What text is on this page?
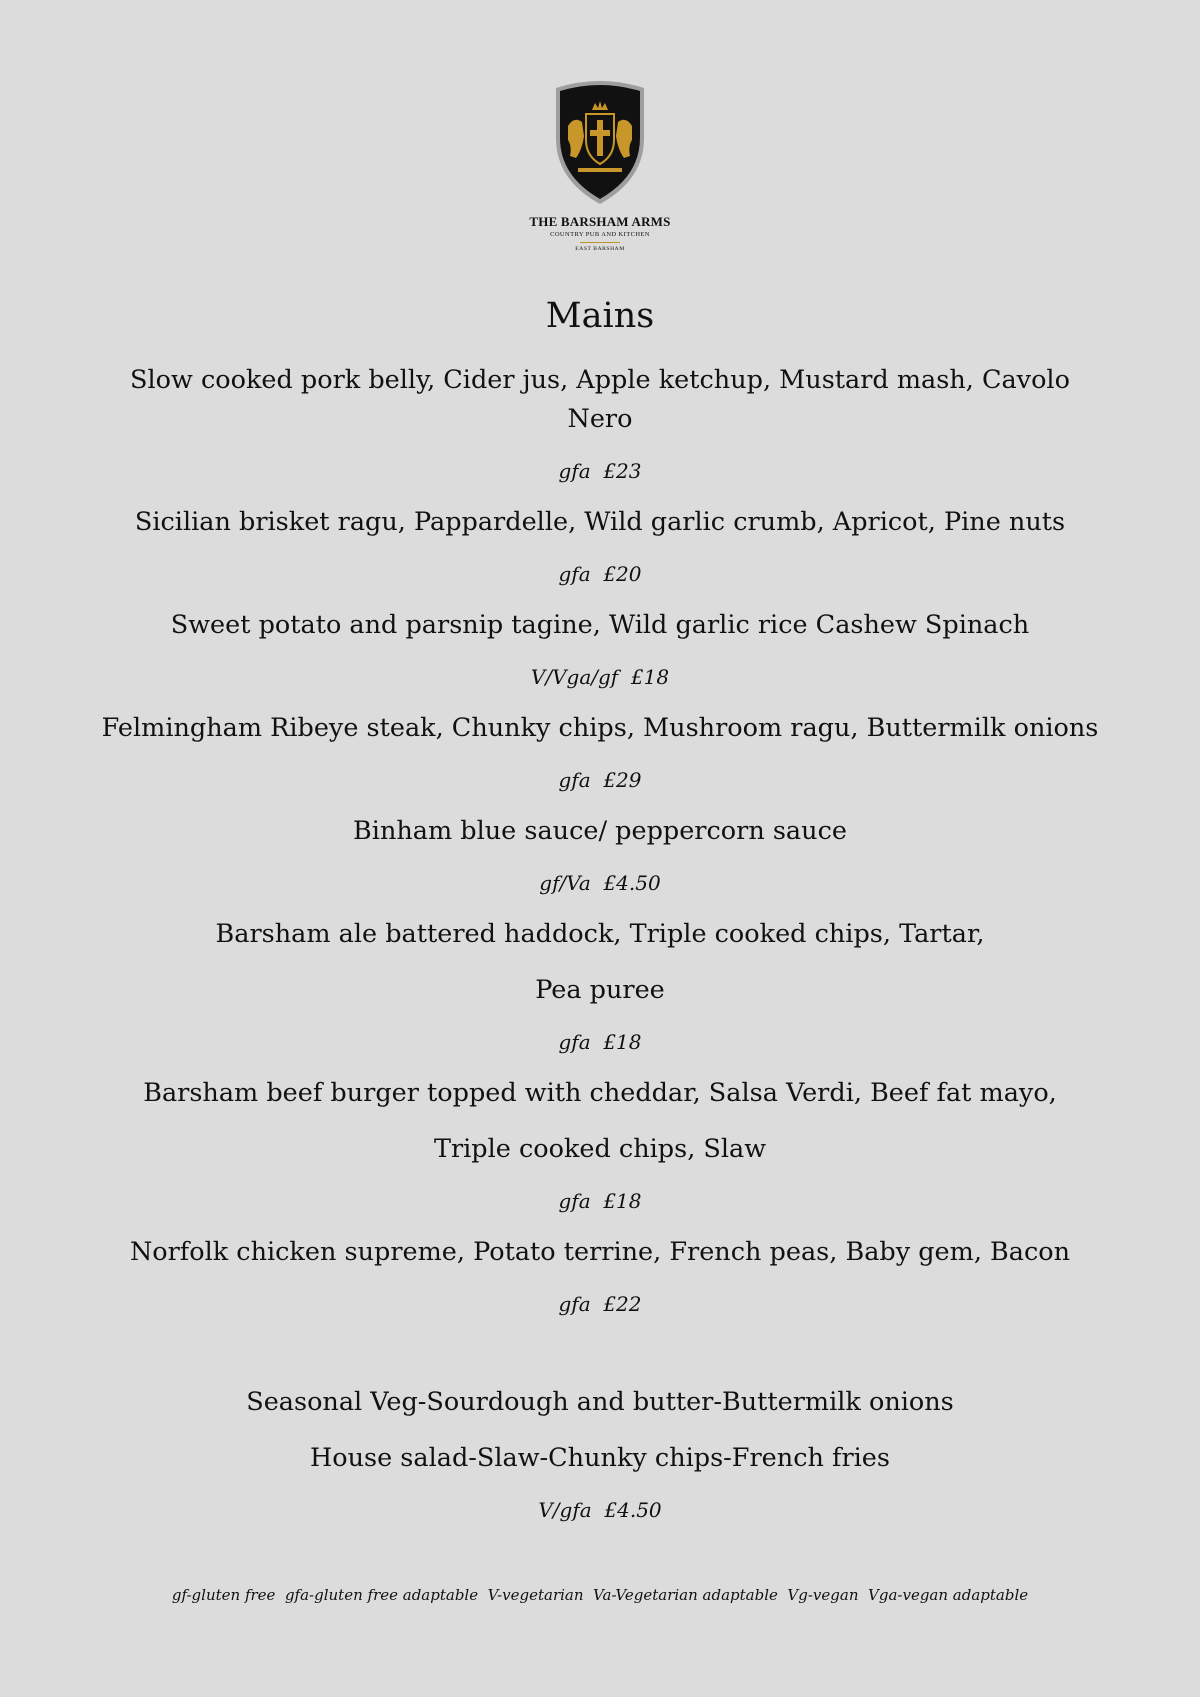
THE BARSHAM ARMS
COUNTRY PUB AND KITCHEN
EAST BARSHAM
Mains
Slow cooked pork belly, Cider jus, Apple ketchup, Mustard mash, Cavolo
Nero
gfa  £23
Sicilian brisket ragu, Pappardelle, Wild garlic crumb, Apricot, Pine nuts
gfa  £20
Sweet potato and parsnip tagine, Wild garlic rice Cashew Spinach
V/Vga/gf  £18
Felmingham Ribeye steak, Chunky chips, Mushroom ragu, Buttermilk onions
gfa  £29
Binham blue sauce/ peppercorn sauce
gf/Va  £4.50
Barsham ale battered haddock, Triple cooked chips, Tartar,
Pea puree
gfa  £18
Barsham beef burger topped with cheddar, Salsa Verdi, Beef fat mayo,
Triple cooked chips, Slaw
gfa  £18
Norfolk chicken supreme, Potato terrine, French peas, Baby gem, Bacon
gfa  £22
Seasonal Veg-Sourdough and butter-Buttermilk onions
House salad-Slaw-Chunky chips-French fries
V/gfa  £4.50
gf-gluten free  gfa-gluten free adaptable  V-vegetarian  Va-Vegetarian adaptable  Vg-vegan  Vga-vegan adaptable
